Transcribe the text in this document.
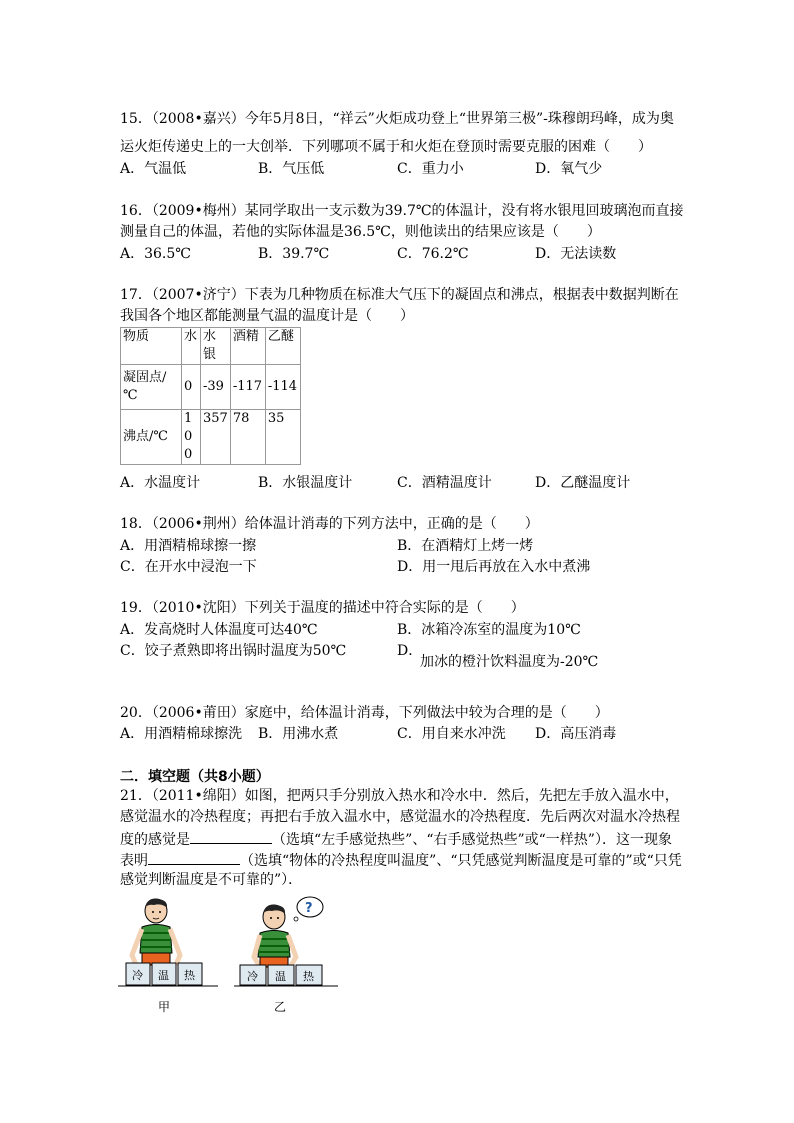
15．（2008•嘉兴）今年5月8日，“祥云”火炬成功登上“世界第三极”-珠穆朗玛峰，成为奥
运火炬传递史上的一大创举．下列哪项不属于和火炬在登顶时需要克服的困难（　　）
A．气温低	B．气压低	C．重力小	D．氧气少
16．（2009•梅州）某同学取出一支示数为39.7℃的体温计，没有将水银甩回玻璃泡而直接
测量自己的体温，若他的实际体温是36.5℃，则他读出的结果应该是（　　）
A．36.5℃	B．39.7℃	C．76.2℃	D．无法读数
17．（2007•济宁）下表为几种物质在标准大气压下的凝固点和沸点，根据表中数据判断在
我国各个地区都能测量气温的温度计是（　　）
物质	水	水银	酒精	乙醚
凝固点/℃	0	-39	-117	-114
沸点/℃	100	357	78	35
A．水温度计	B．水银温度计	C．酒精温度计	D．乙醚温度计
18．（2006•荆州）给体温计消毒的下列方法中，正确的是（　　）
A．用酒精棉球擦一擦	B．在酒精灯上烤一烤
C．在开水中浸泡一下	D．用一甩后再放在入水中煮沸
19．（2010•沈阳）下列关于温度的描述中符合实际的是（　　）
A．发高烧时人体温度可达40℃	B．冰箱冷冻室的温度为10℃
C．饺子煮熟即将出锅时温度为50℃	D．
加冰的橙汁饮料温度为-20℃
20．（2006•莆田）家庭中，给体温计消毒，下列做法中较为合理的是（　　）
A．用酒精棉球擦洗 B．用沸水煮	C．用自来水冲洗 D．高压消毒
二．填空题（共8小题）
21．（2011•绵阳）如图，把两只手分别放入热水和冷水中．然后，先把左手放入温水中，
感觉温水的冷热程度；再把右手放入温水中，感觉温水的冷热程度．先后两次对温水冷热程
度的感觉是	（选填“左手感觉热些”、“右手感觉热些”或“一样热”）．这一现象
表明	（选填“物体的冷热程度叫温度”、“只凭感觉判断温度是可靠的”或“只凭
感觉判断温度是不可靠的”）．
冷 温 热
甲
?
冷 温 热
乙
